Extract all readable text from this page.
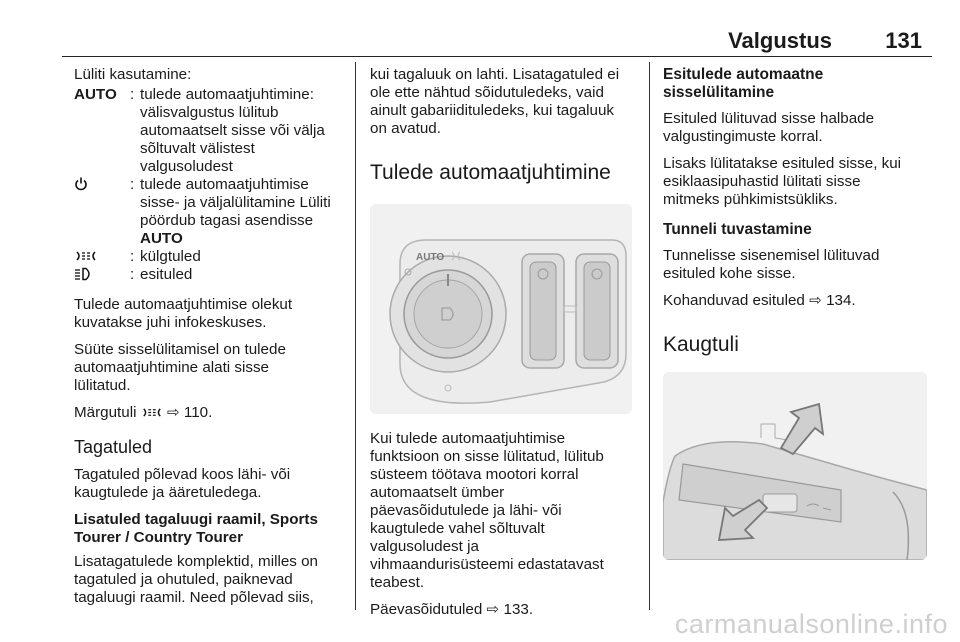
Valgustus 131

Lüliti kasutamine:

AUTO : tulede automaatjuhtimine:
välisvalgustus lülitub
automaatselt sisse või välja
sõltuvalt välistest
valgusoludest
: tulede automaatjuhtimise
sisse- ja väljalülitamine Lüliti
pöördub tagasi asendisse
AUTO
: külgtuled
: esituled

Tulede automaatjuhtimise olekut
kuvatakse juhi infokeskuses.

Süüte sisselülitamisel on tulede
automaatjuhtimine alati sisse
lülitatud.

Märgutuli ⇨ 110.

Tagatuled

Tagatuled põlevad koos lähi- või
kaugtulede ja ääretuledega.

Lisatuled tagaluugi raamil, Sports
Tourer / Country Tourer

Lisatagatulede komplektid, milles on
tagatuled ja ohutuled, paiknevad
tagaluugi raamil. Need põlevad siis,

kui tagaluuk on lahti. Lisatagatuled ei
ole ette nähtud sõidutuledeks, vaid
ainult gabariidituledeks, kui tagaluuk
on avatud.

Tulede automaatjuhtimine
AUTO

Kui tulede automaatjuhtimise
funktsioon on sisse lülitatud, lülitub
süsteem töötava mootori korral
automaatselt ümber
päevasõidutulede ja lähi- või
kaugtulede vahel sõltuvalt
valgusoludest ja
vihmaandurisüsteemi edastatavast
teabest.

Päevasõidutuled ⇨ 133.

Esitulede automaatne
sisselülitamine

Esituled lülituvad sisse halbade
valgustingimuste korral.

Lisaks lülitatakse esituled sisse, kui
esiklaasipuhastid lülitati sisse
mitmeks pühkimistsükliks.

Tunneli tuvastamine

Tunnelisse sisenemisel lülituvad
esituled kohe sisse.

Kohanduvad esituled ⇨ 134.

Kaugtuli
carmanualsonline.info
